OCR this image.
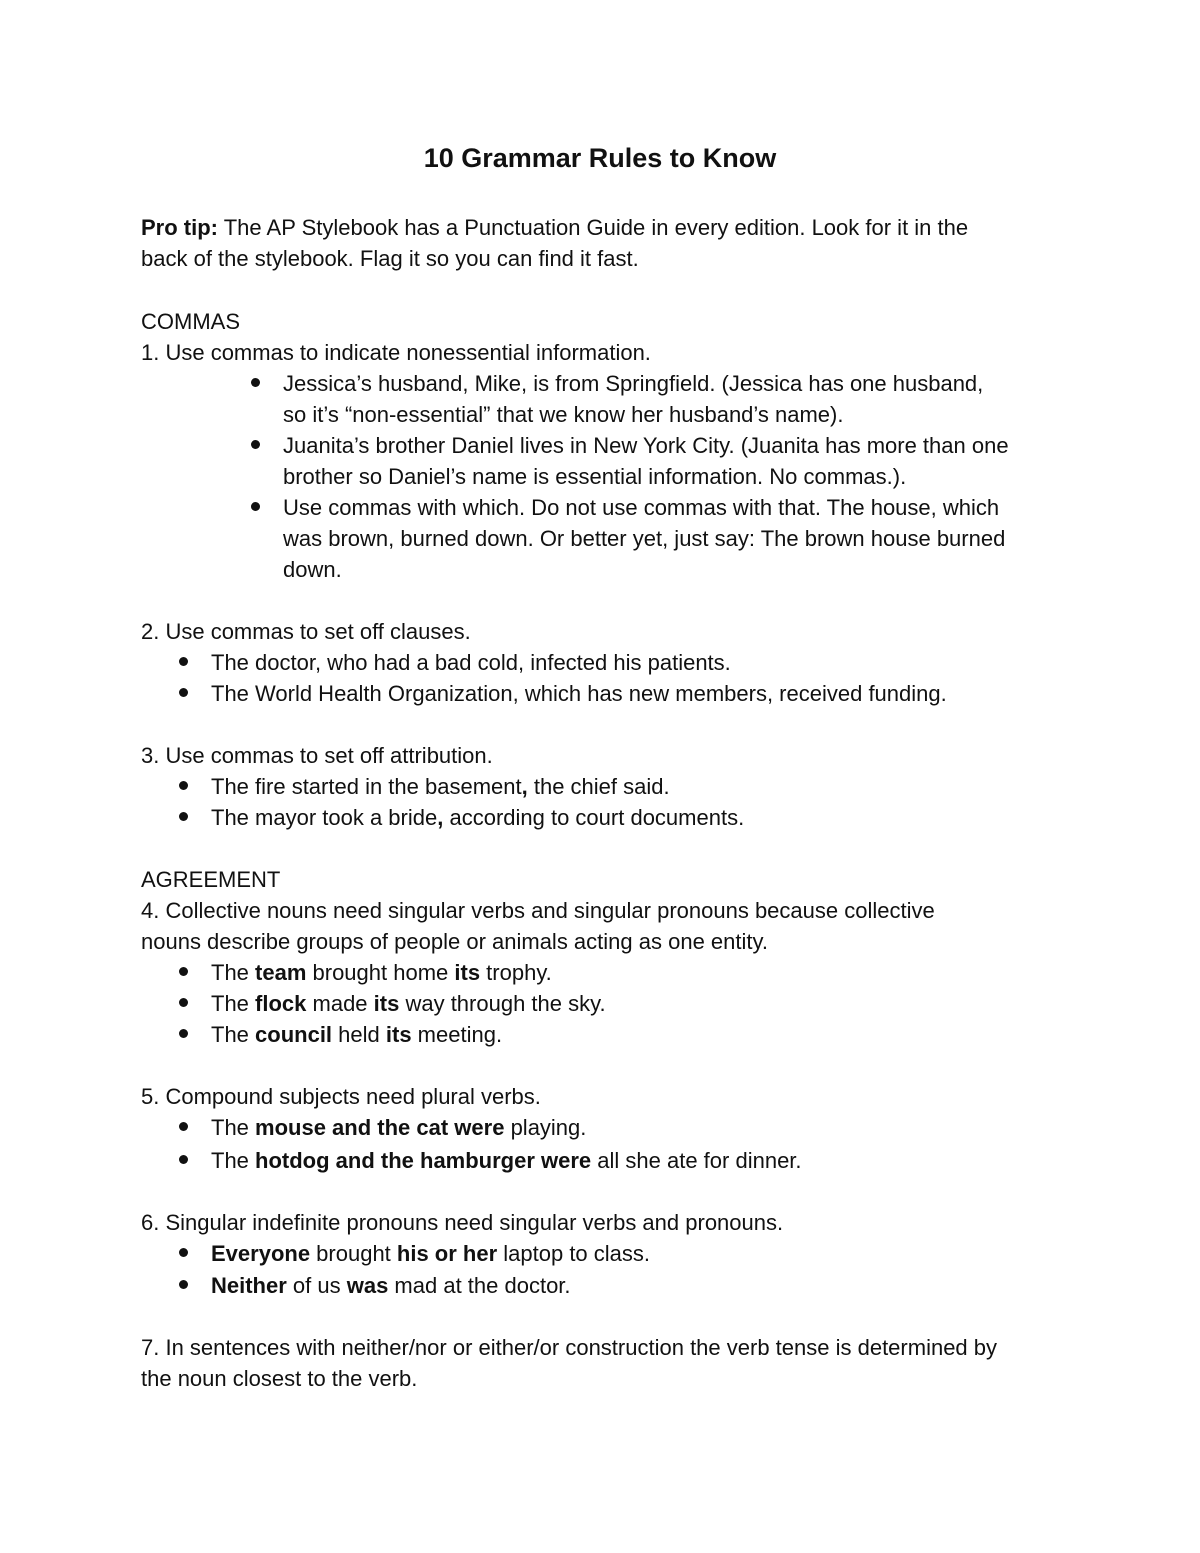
10 Grammar Rules to Know
Pro tip: The AP Stylebook has a Punctuation Guide in every edition. Look for it in the
back of the stylebook. Flag it so you can find it fast.
COMMAS
1. Use commas to indicate nonessential information.
Jessica’s husband, Mike, is from Springfield. (Jessica has one husband,
so it’s “non-essential” that we know her husband’s name).
Juanita’s brother Daniel lives in New York City. (Juanita has more than one
brother so Daniel’s name is essential information. No commas.).
Use commas with which. Do not use commas with that. The house, which
was brown, burned down. Or better yet, just say: The brown house burned
down.
2. Use commas to set off clauses.
The doctor, who had a bad cold, infected his patients.
The World Health Organization, which has new members, received funding.
3. Use commas to set off attribution.
The fire started in the basement, the chief said.
The mayor took a bride, according to court documents.
AGREEMENT
4. Collective nouns need singular verbs and singular pronouns because collective
nouns describe groups of people or animals acting as one entity.
The team brought home its trophy.
The flock made its way through the sky.
The council held its meeting.
5. Compound subjects need plural verbs.
The mouse and the cat were playing.
The hotdog and the hamburger were all she ate for dinner.
6. Singular indefinite pronouns need singular verbs and pronouns.
Everyone brought his or her laptop to class.
Neither of us was mad at the doctor.
7. In sentences with neither/nor or either/or construction the verb tense is determined by
the noun closest to the verb.
